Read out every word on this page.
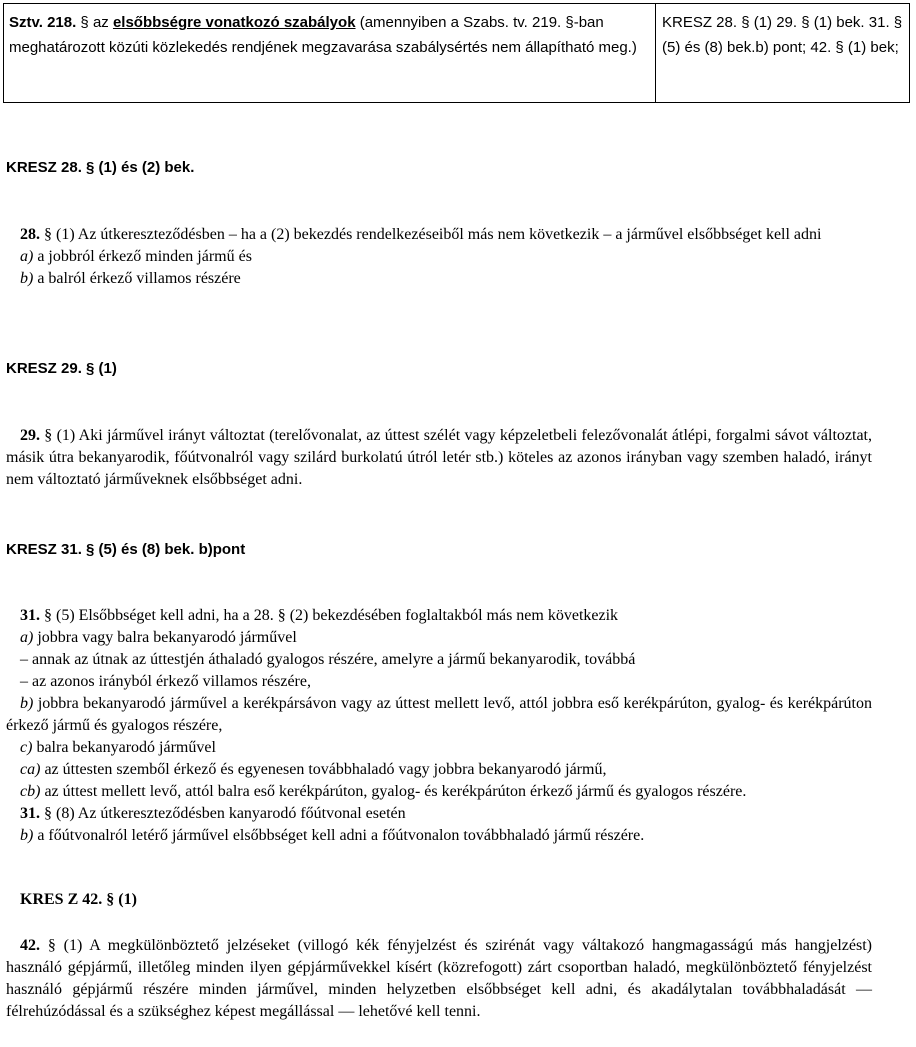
Sztv. 218. § az elsőbbségre vonatkozó szabályok (amennyiben a Szabs. tv. 219. §-ban meghatározott közúti közlekedés rendjének megzavarása szabálysértés nem állapítható meg.)
KRESZ 28. § (1) 29. § (1) bek. 31. § (5) és (8) bek.b) pont; 42. § (1) bek;
KRESZ 28. § (1) és (2) bek.

28. § (1) Az útkereszteződésben – ha a (2) bekezdés rendelkezéseiből más nem következik – a járművel elsőbbséget kell adni

a) a jobbról érkező minden jármű és

b) a balról érkező villamos részére

KRESZ 29. § (1)

29. § (1) Aki járművel irányt változtat (terelővonalat, az úttest szélét vagy képzeletbeli felezővonalát átlépi, forgalmi sávot változtat, másik útra bekanyarodik, főútvonalról vagy szilárd burkolatú útról letér stb.) köteles az azonos irányban vagy szemben haladó, irányt nem változtató járműveknek elsőbbséget adni.

KRESZ 31. § (5) és (8) bek. b)pont

31. § (5) Elsőbbséget kell adni, ha a 28. § (2) bekezdésében foglaltakból más nem következik

a) jobbra vagy balra bekanyarodó járművel

– annak az útnak az úttestjén áthaladó gyalogos részére, amelyre a jármű bekanyarodik, továbbá

– az azonos irányból érkező villamos részére,

b) jobbra bekanyarodó járművel a kerékpársávon vagy az úttest mellett levő, attól jobbra eső kerékpárúton, gyalog- és kerékpárúton érkező jármű és gyalogos részére,

c) balra bekanyarodó járművel

ca) az úttesten szemből érkező és egyenesen továbbhaladó vagy jobbra bekanyarodó jármű,

cb) az úttest mellett levő, attól balra eső kerékpárúton, gyalog- és kerékpárúton érkező jármű és gyalogos részére.

31. § (8) Az útkereszteződésben kanyarodó főútvonal esetén

b) a főútvonalról letérő járművel elsőbbséget kell adni a főútvonalon továbbhaladó jármű részére.

KRES Z 42. § (1)

42. § (1) A megkülönböztető jelzéseket (villogó kék fényjelzést és szirénát vagy váltakozó hangmagasságú más hangjelzést) használó gépjármű, illetőleg minden ilyen gépjárművekkel kísért (közrefogott) zárt csoportban haladó, megkülönböztető fényjelzést használó gépjármű részére minden járművel, minden helyzetben elsőbbséget kell adni, és akadálytalan továbbhaladását — félrehúzódással és a szükséghez képest megállással — lehetővé kell tenni.
